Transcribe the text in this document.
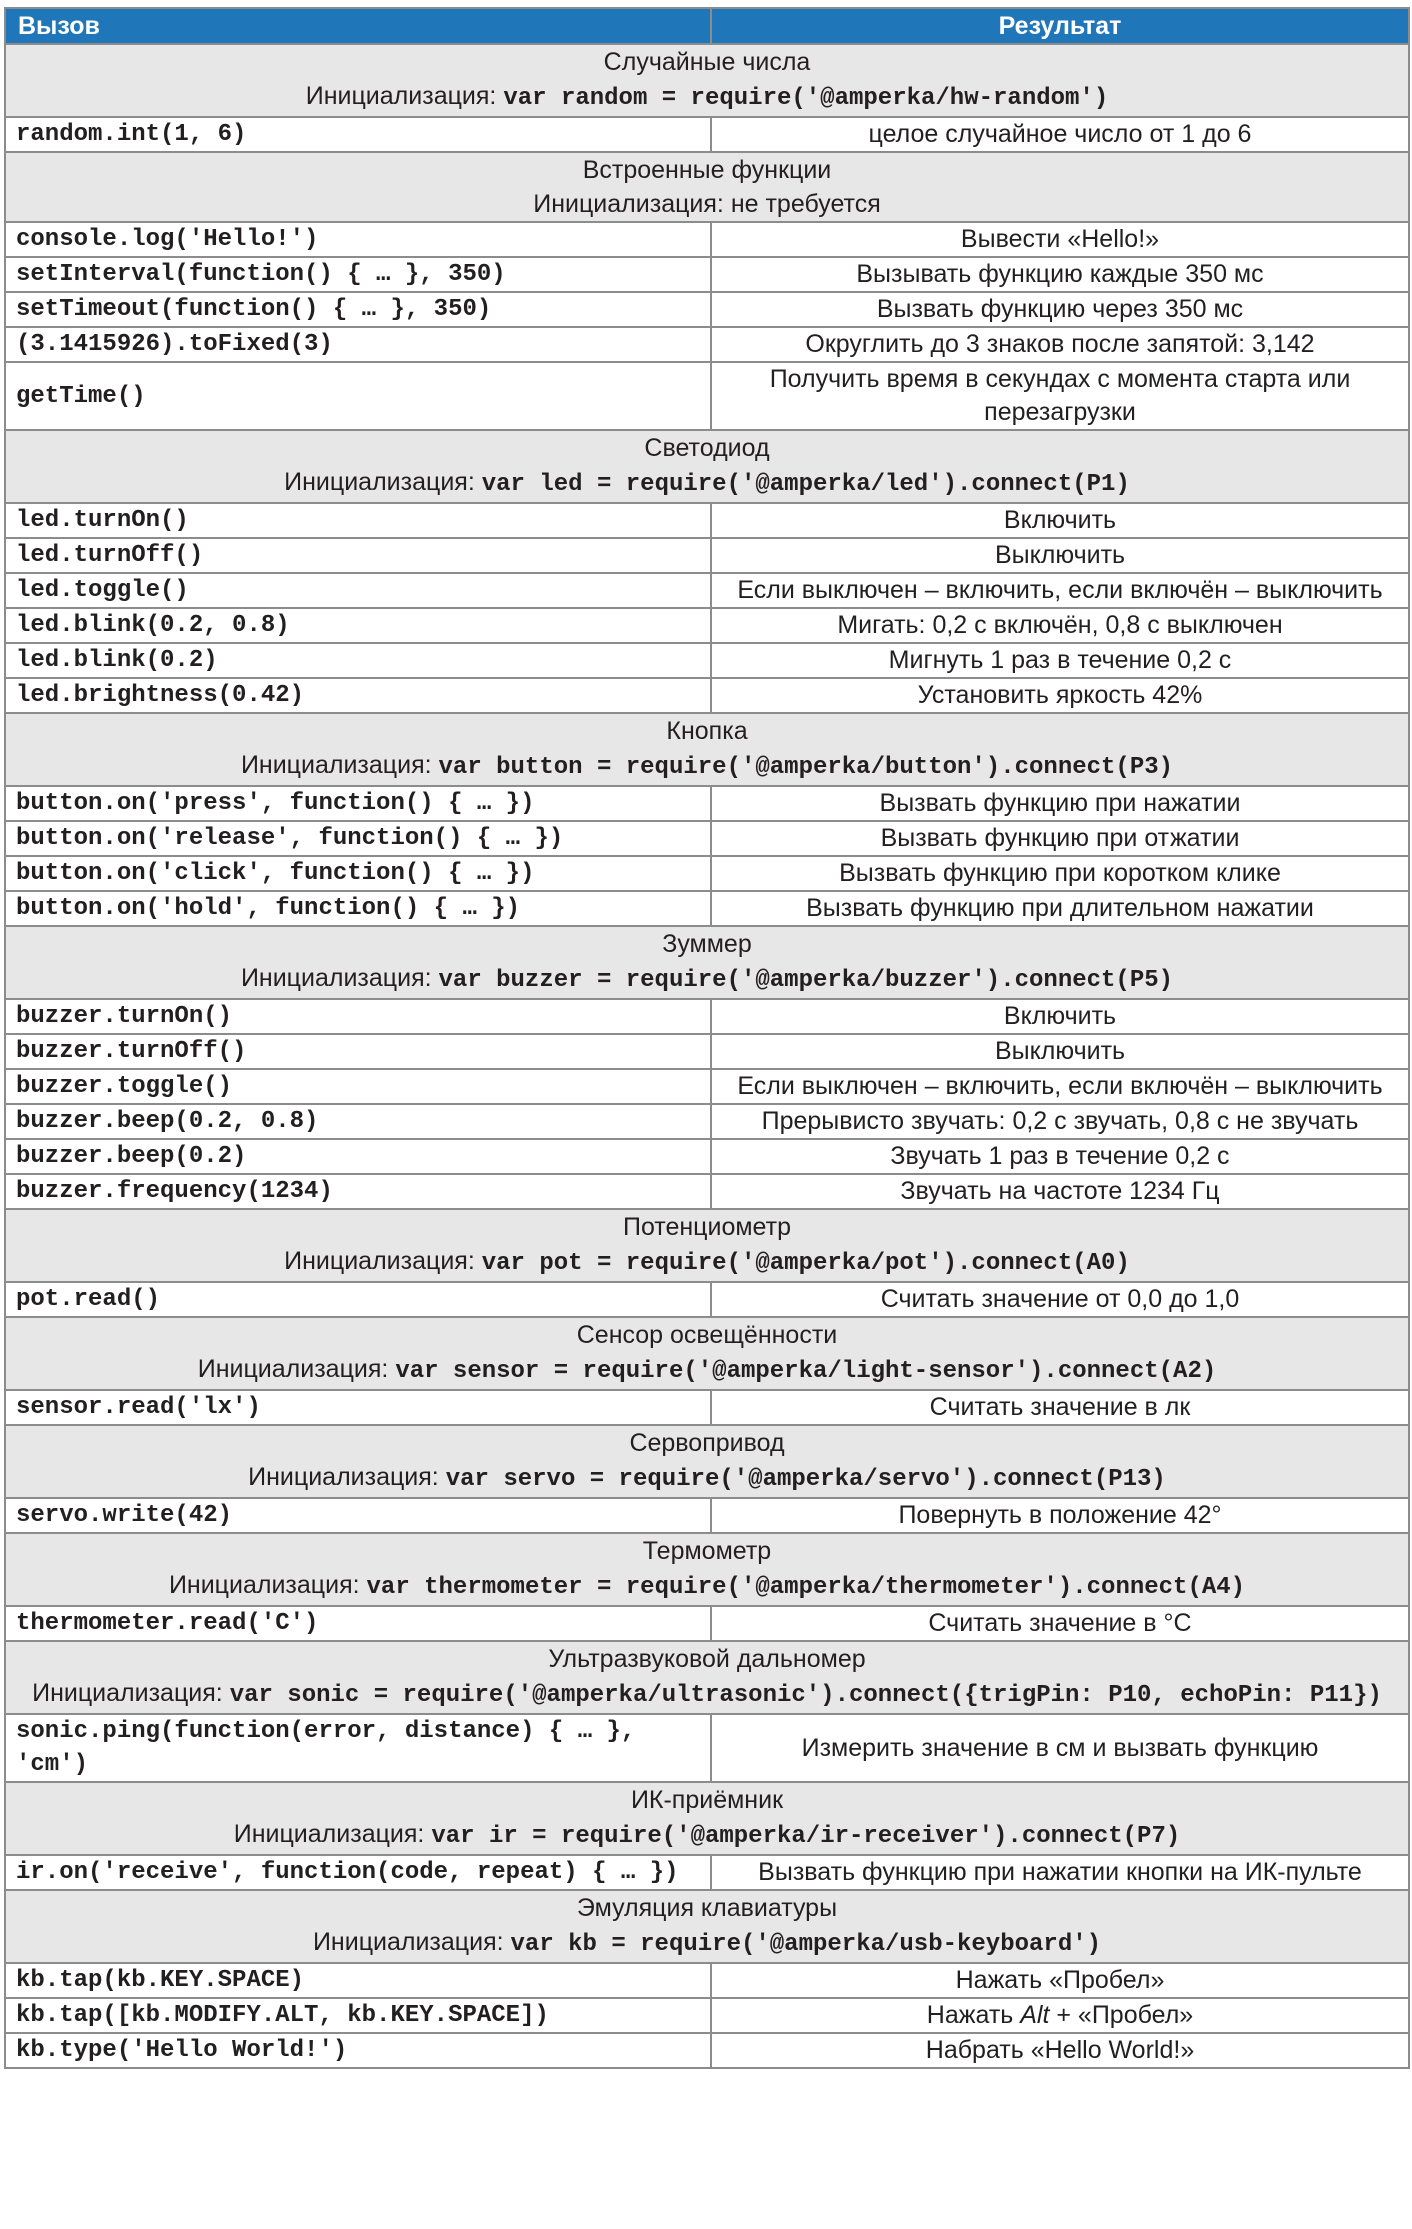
Вызов	Результат

Случайные числа
Инициализация: var random = require('@amperka/hw-random')	

random.int(1, 6)	целое случайное число от 1 до 6

Встроенные функции
Инициализация: не требуется	

console.log('Hello!')	Вывести «Hello!»
setInterval(function() { … }, 350)	Вызывать функцию каждые 350 мс
setTimeout(function() { … }, 350)	Вызвать функцию через 350 мс
(3.1415926).toFixed(3)	Округлить до 3 знаков после запятой: 3,142
getTime()	Получить время в секундах с момента старта или перезагрузки

Светодиод
Инициализация: var led = require('@amperka/led').connect(P1)	

led.turnOn()	Включить
led.turnOff()	Выключить
led.toggle()	Если выключен – включить, если включён – выключить
led.blink(0.2, 0.8)	Мигать: 0,2 с включён, 0,8 с выключен
led.blink(0.2)	Мигнуть 1 раз в течение 0,2 с
led.brightness(0.42)	Установить яркость 42%

Кнопка
Инициализация: var button = require('@amperka/button').connect(P3)	

button.on('press', function() { … })	Вызвать функцию при нажатии
button.on('release', function() { … })	Вызвать функцию при отжатии
button.on('click', function() { … })	Вызвать функцию при коротком клике
button.on('hold', function() { … })	Вызвать функцию при длительном нажатии

Зуммер
Инициализация: var buzzer = require('@amperka/buzzer').connect(P5)	

buzzer.turnOn()	Включить
buzzer.turnOff()	Выключить
buzzer.toggle()	Если выключен – включить, если включён – выключить
buzzer.beep(0.2, 0.8)	Прерывисто звучать: 0,2 с звучать, 0,8 с не звучать
buzzer.beep(0.2)	Звучать 1 раз в течение 0,2 с
buzzer.frequency(1234)	Звучать на частоте 1234 Гц

Потенциометр
Инициализация: var pot = require('@amperka/pot').connect(A0)	

pot.read()	Считать значение от 0,0 до 1,0

Сенсор освещённости
Инициализация: var sensor = require('@amperka/light-sensor').connect(A2)	

sensor.read('lx')	Считать значение в лк

Сервопривод
Инициализация: var servo = require('@amperka/servo').connect(P13)	

servo.write(42)	Повернуть в положение 42°

Термометр
Инициализация: var thermometer = require('@amperka/thermometer').connect(A4)	

thermometer.read('C')	Считать значение в °C

Ультразвуковой дальномер
Инициализация: var sonic = require('@amperka/ultrasonic').connect({trigPin: P10, echoPin: P11})	

sonic.ping(function(error, distance) { … }, 'cm')	Измерить значение в см и вызвать функцию

ИК-приёмник
Инициализация: var ir = require('@amperka/ir-receiver').connect(P7)	

ir.on('receive', function(code, repeat) { … })	Вызвать функцию при нажатии кнопки на ИК-пульте

Эмуляция клавиатуры
Инициализация: var kb = require('@amperka/usb-keyboard')	

kb.tap(kb.KEY.SPACE)	Нажать «Пробел»
kb.tap([kb.MODIFY.ALT, kb.KEY.SPACE])	Нажать Alt + «Пробел»
kb.type('Hello World!')	Набрать «Hello World!»
